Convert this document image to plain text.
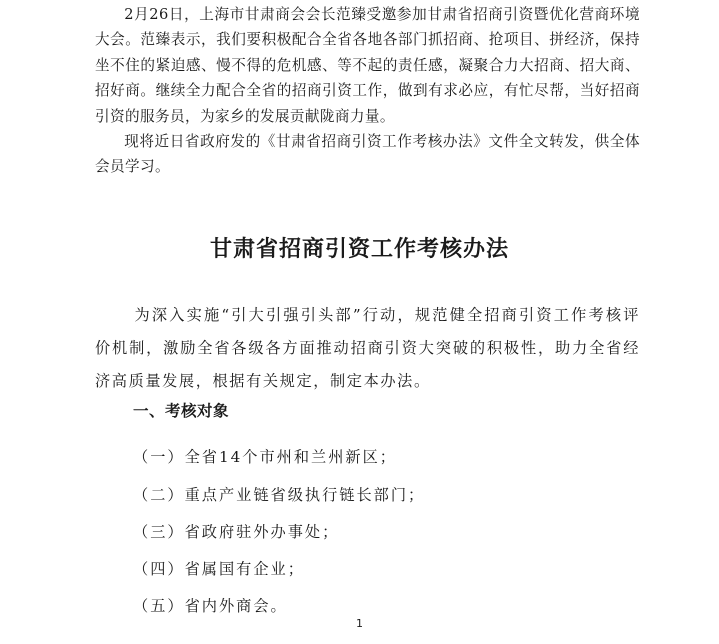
2月26日，上海市甘肃商会会长范臻受邀参加甘肃省招商引资暨优化营商环境大会。范臻表示，我们要积极配合全省各地各部门抓招商、抢项目、拼经济，保持坐不住的紧迫感、慢不得的危机感、等不起的责任感，凝聚合力大招商、招大商、招好商。继续全力配合全省的招商引资工作，做到有求必应，有忙尽帮，当好招商引资的服务员，为家乡的发展贡献陇商力量。

现将近日省政府发的《甘肃省招商引资工作考核办法》文件全文转发，供全体会员学习。

甘肃省招商引资工作考核办法

为深入实施“引大引强引头部”行动，规范健全招商引资工作考核评价机制，激励全省各级各方面推动招商引资大突破的积极性，助力全省经济高质量发展，根据有关规定，制定本办法。

一、考核对象

（一）全省14个市州和兰州新区；

（二）重点产业链省级执行链长部门；

（三）省政府驻外办事处；

（四）省属国有企业；

（五）省内外商会。

1
